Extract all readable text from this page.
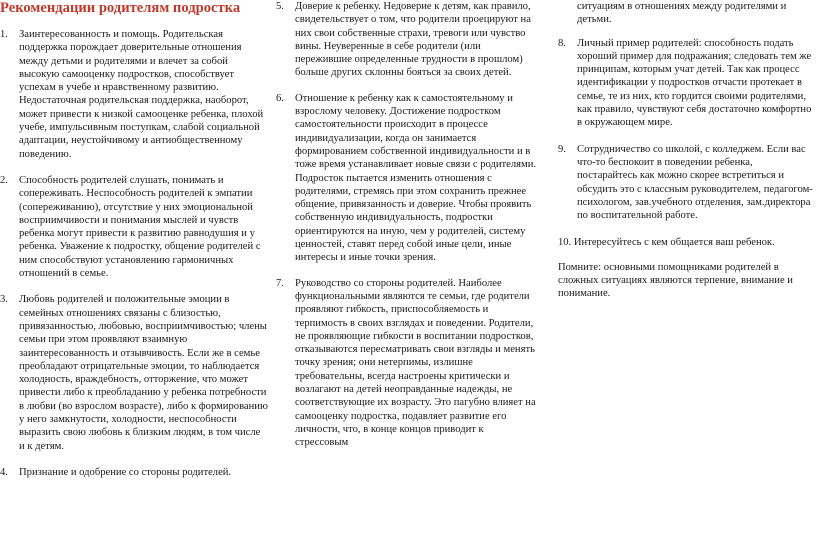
Рекомендации родителям подростка

1. Заинтересованность и помощь. Родительская поддержка порождает доверительные отношения между детьми и родителями и влечет за собой высокую самооценку подростков, способствует успехам в учебе и нравственному развитию. Недостаточная родительская поддержка, наоборот, может привести к низкой самооценке ребенка, плохой учебе, импульсивным поступкам, слабой социальной адаптации, неустойчивому и антиобщественному поведению.

2. Способность родителей слушать, понимать и сопереживать. Неспособность родителей к эмпатии (сопереживанию), отсутствие у них эмоциональной восприимчивости и понимания мыслей и чувств ребенка могут привести к развитию равнодушия и у ребенка. Уважение к подростку, общение родителей с ним способствуют установлению гармоничных отношений в семье.

3. Любовь родителей и положительные эмоции в семейных отношениях связаны с близостью, привязанностью, любовью, восприимчивостью; члены семьи при этом проявляют взаимную заинтересованность и отзывчивость. Если же в семье преобладают отрицательные эмоции, то наблюдается холодность, враждебность, отторжение, что может привести либо к преобладанию у ребенка потребности в любви (во взрослом возрасте), либо к формированию у него замкнутости, холодности, неспособности выразить свою любовь к близким людям, в том числе и к детям.

4. Признание и одобрение со стороны родителей.

5. Доверие к ребенку. Недоверие к детям, как правило, свидетельствует о том, что родители проецируют на них свои собственные страхи, тревоги или чувство вины. Неуверенные в себе родители (или пережившие определенные трудности в прошлом) больше других склонны бояться за своих детей.

6. Отношение к ребенку как к самостоятельному и взрослому человеку. Достижение подростком самостоятельности происходит в процессе индивидуализации, когда он занимается формированием собственной индивидуальности и в тоже время устанавливает новые связи с родителями. Подросток пытается изменить отношения с родителями, стремясь при этом сохранить прежнее общение, привязанность и доверие. Чтобы проявить собственную индивидуальность, подростки ориентируются на иную, чем у родителей, систему ценностей, ставят перед собой иные цели, иные интересы и иные точки зрения.

7. Руководство со стороны родителей. Наиболее функциональными являются те семьи, где родители проявляют гибкость, приспособляемость и терпимость в своих взглядах и поведении. Родители, не проявляющие гибкости в воспитании подростков, отказываются пересматривать свои взгляды и менять точку зрения; они нетерпимы, излишне требовательны, всегда настроены критически и возлагают на детей неоправданные надежды, не соответствующие их возрасту. Это пагубно влияет на самооценку подростка, подавляет развитие его личности, что, в конце концов приводит к стрессовым

ситуациям в отношениях между родителями и детьми.

8. Личный пример родителей: способность подать хороший пример для подражания; следовать тем же принципам, которым учат детей. Так как процесс идентификации у подростков отчасти протекает в семье, те из них, кто гордится своими родителями, как правило, чувствуют себя достаточно комфортно в окружающем мире.

9. Сотрудничество со школой, с колледжем. Если вас что-то беспокоит в поведении ребенка, постарайтесь как можно скорее встретиться и обсудить это с классным руководителем, педагогом-психологом, зав.учебного отделения, зам.директора по воспитательной работе.

10. Интересуйтесь с кем общается ваш ребенок.

Помните: основными помощниками родителей в сложных ситуациях являются терпение, внимание и понимание.
